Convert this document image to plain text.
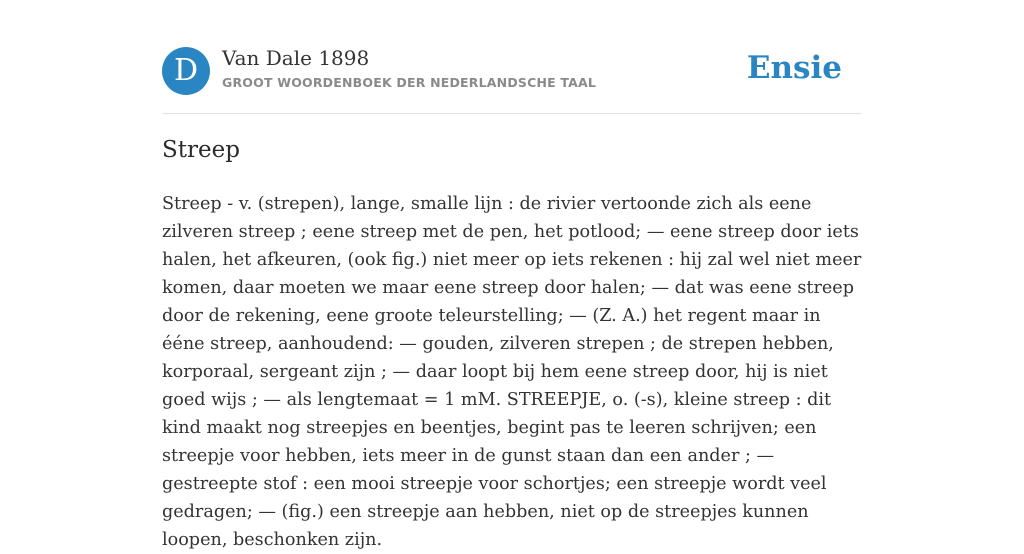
D	Van Dale 1898
GROOT WOORDENBOEK DER NEDERLANDSCHE TAAL	Ensie
Streep

Streep - v. (strepen), lange, smalle lijn : de rivier vertoonde zich als eene zilveren streep ; eene streep met de pen, het potlood; — eene streep door iets halen, het afkeuren, (ook fig.) niet meer op iets rekenen : hij zal wel niet meer komen, daar moeten we maar eene streep door halen; — dat was eene streep door de rekening, eene groote teleurstelling; — (Z. A.) het regent maar in ééne streep, aanhoudend: — gouden, zilveren strepen ; de strepen hebben, korporaal, sergeant zijn ; — daar loopt bij hem eene streep door, hij is niet goed wijs ; — als lengtemaat = 1 mM. STREEPJE, o. (-s), kleine streep : dit kind maakt nog streepjes en beentjes, begint pas te leeren schrijven; een streepje voor hebben, iets meer in de gunst staan dan een ander ; — gestreepte stof : een mooi streepje voor schortjes; een streepje wordt veel gedragen; — (fig.) een streepje aan hebben, niet op de streepjes kunnen loopen, beschonken zijn.
